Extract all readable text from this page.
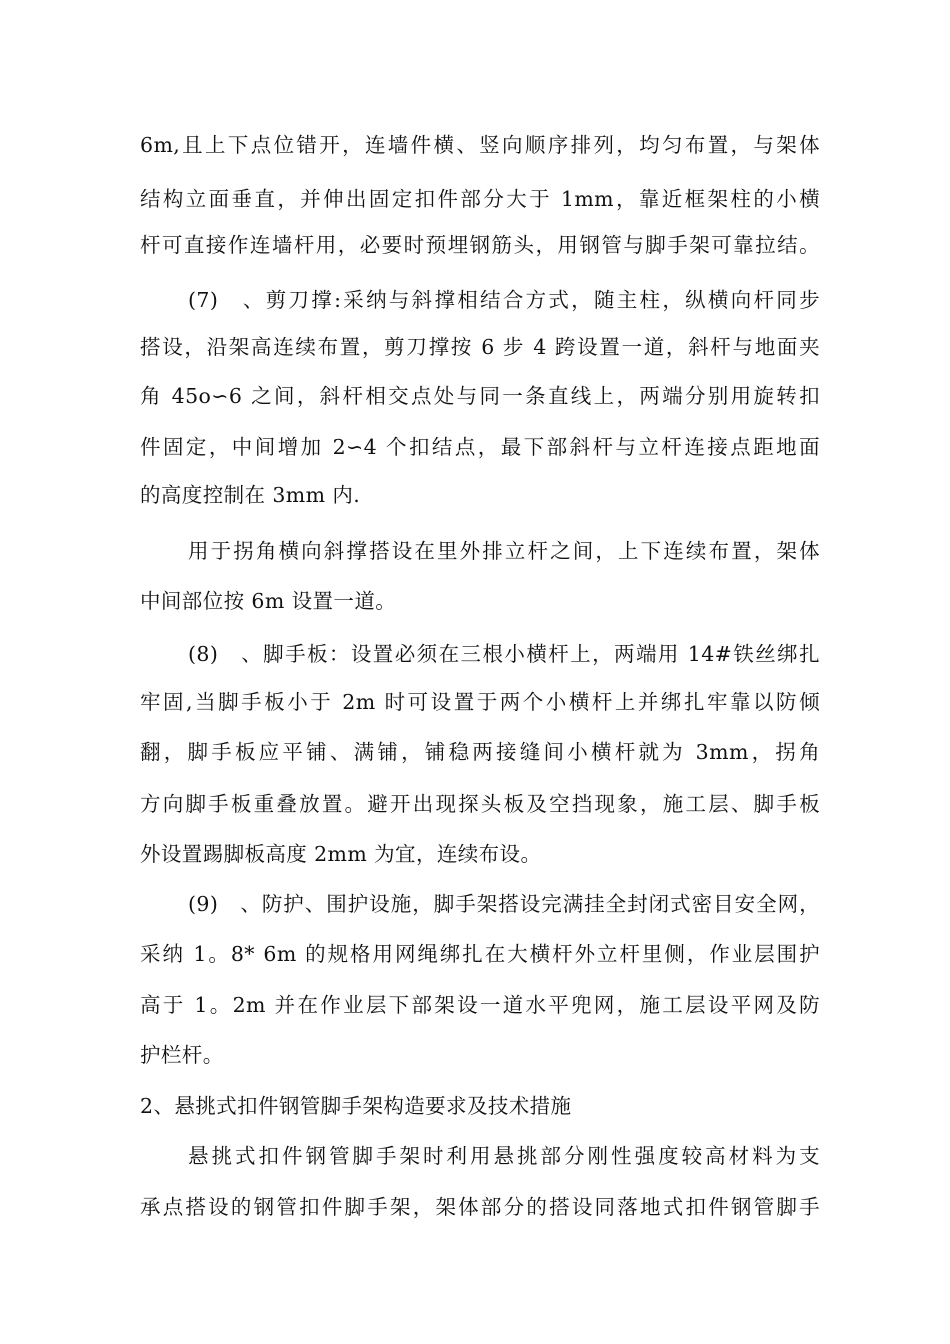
6m,且上下点位错开，连墙件横、竖向顺序排列，均匀布置，与架体
结构立面垂直，并伸出固定扣件部分大于 1mm，靠近框架柱的小横
杆可直接作连墙杆用，必要时预埋钢筋头，用钢管与脚手架可靠拉结。
(7)　、剪刀撑:采纳与斜撑相结合方式，随主柱，纵横向杆同步
搭设，沿架高连续布置，剪刀撑按 6 步 4 跨设置一道，斜杆与地面夹
角 45o∽6 之间，斜杆相交点处与同一条直线上，两端分别用旋转扣
件固定，中间增加 2∽4 个扣结点，最下部斜杆与立杆连接点距地面
的高度控制在 3mm 内.
用于拐角横向斜撑搭设在里外排立杆之间，上下连续布置，架体
中间部位按 6m 设置一道。
(8)　、脚手板：设置必须在三根小横杆上，两端用 14#铁丝绑扎
牢固,当脚手板小于 2m 时可设置于两个小横杆上并绑扎牢靠以防倾
翻，脚手板应平铺、满铺，铺稳两接缝间小横杆就为 3mm，拐角
方向脚手板重叠放置。避开出现探头板及空挡现象，施工层、脚手板
外设置踢脚板高度 2mm 为宜，连续布设。
(9)　、防护、围护设施，脚手架搭设完满挂全封闭式密目安全网，
采纳 1。8* 6m 的规格用网绳绑扎在大横杆外立杆里侧，作业层围护
高于 1。2m 并在作业层下部架设一道水平兜网，施工层设平网及防
护栏杆。
2、悬挑式扣件钢管脚手架构造要求及技术措施
悬挑式扣件钢管脚手架时利用悬挑部分刚性强度较高材料为支
承点搭设的钢管扣件脚手架，架体部分的搭设同落地式扣件钢管脚手
